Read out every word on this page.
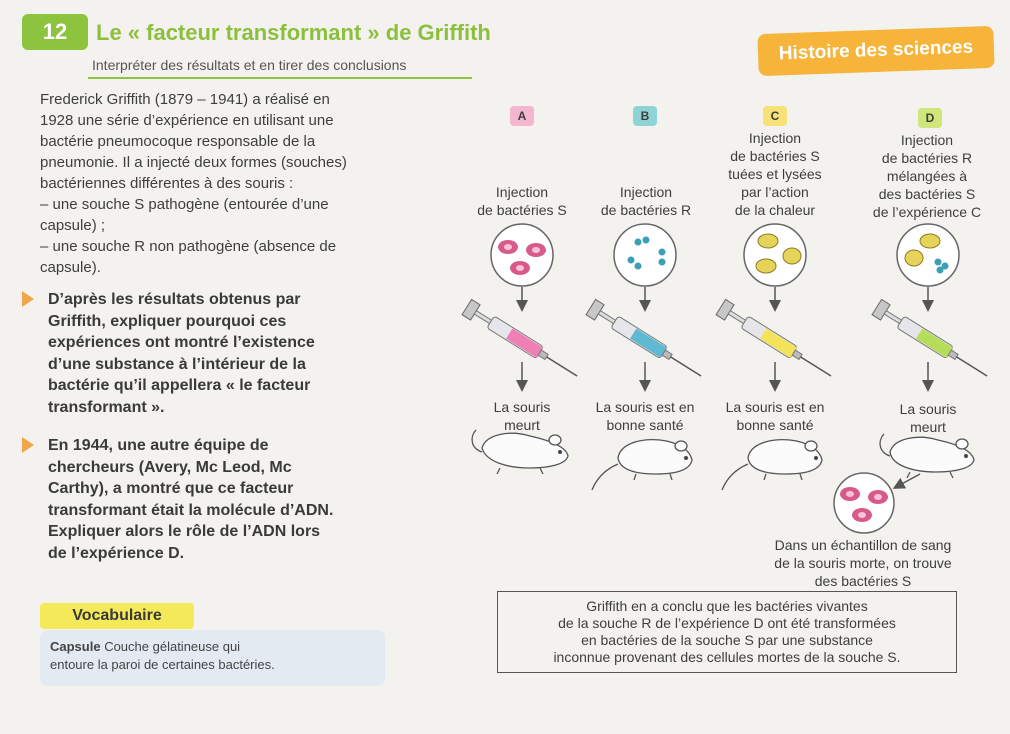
12	Le « facteur transformant » de Griffith
Interpréter des résultats et en tirer des conclusions
Histoire des sciences

Frederick Griffith (1879 – 1941) a réalisé en

1928 une série d’expérience en utilisant une

bactérie pneumocoque responsable de la

pneumonie. Il a injecté deux formes (souches)

bactériennes différentes à des souris :

– une souche S pathogène (entourée d’une

capsule) ;

– une souche R non pathogène (absence de

capsule).

D’après les résultats obtenus par
Griffith, expliquer pourquoi ces
expériences ont montré l’existence
d’une substance à l’intérieur de la
bactérie qu’il appellera « le facteur
transformant ».
En 1944, une autre équipe de
chercheurs (Avery, Mc Leod, Mc
Carthy), a montré que ce facteur
transformant était la molécule d’ADN.
Expliquer alors le rôle de l’ADN lors
de l’expérience D.
Vocabulaire
Capsule Couche gélatineuse qui
entoure la paroi de certaines bactéries.
A	B	C	D
Injection
de bactéries S
Injection
de bactéries R
Injection
de bactéries S
tuées et lysées
par l’action
de la chaleur
Injection
de bactéries R
mélangées à
des bactéries S
de l’expérience C
La souris
meurt
La souris est en
bonne santé
La souris est en
bonne santé
La souris
meurt
Dans un échantillon de sang
de la souris morte, on trouve
des bactéries S
Griffith en a conclu que les bactéries vivantes
de la souche R de l’expérience D ont été transformées
en bactéries de la souche S par une substance
inconnue provenant des cellules mortes de la souche S.
